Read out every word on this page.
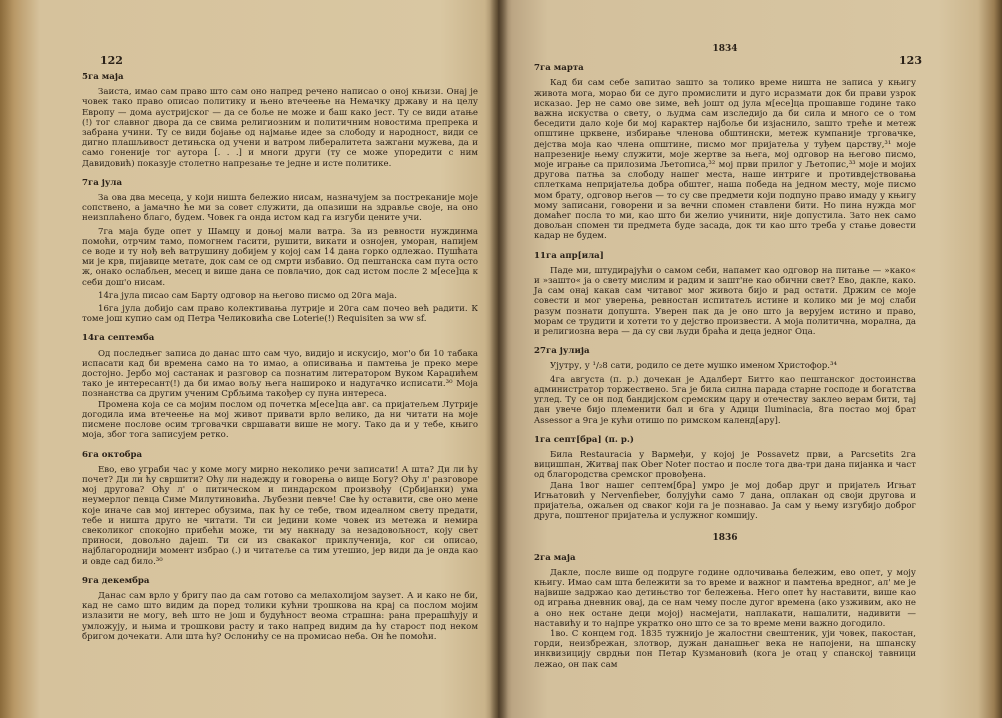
122
5га маја

Заиста, имао сам право што сам оно напред речено написао о оној књизи. Онај је човек тако право описао политику и њено втечеење на Немачку државу и на целу Европу — дома аустријског — да се боље не може и баш како јест. Ту се види атање (!) тог славног двора да се свима религиозним и политичним новостима препрека и забрана учини. Ту се види бојање од најмање идее за слободу и народност, види се дигно плашљивост детињска од учени и ватром либералитета зажгани мужева, да и само гоненије тог аутора [. . .] и многи други (ту се може упоредити с ним Давидовић) показује столетно напрезање те једне и исте политике.

7га јула

За ова два месеца, у који ништа бележио нисам, назначујем за постреканије моје сопствено, а јамачно ће ми за совет служити, да опазиши на здравље своје, на оно неизплаћено благо, будем. Човек га онда истом кад га изгуби цените учи.

7га маја буде опет у Шамцу и доњој мали ватра. За из ревности нуждинма помоћи, отрчим тамо, помогнем гасити, рушити, викати и озноjен, уморан, напијем се воде и ту нођ већ ватрушину добијем у којој сам 14 дана горко одлежао. Пушћата ми је крв, пијавице метате, док сам се од смрти избавио. Од пештанска сам пута осто ж, онако ослабљен, месец и више дана се повлачио, док сад истом после 2 м[есе]ца к себи дош'о нисам.

14га јула писао сам Барту одговор на његово писмо од 20га маја.

16га јула добијо сам право колективања лутријe и 20га сам почео већ радити. К томе још купио сам од Петра Челиковића све Loterie(!) Requisiten за ww sf.

14га септемба

Од последњег записа до данас што сам чуо, видијо и искусијо, мог'о би 10 табака испасати кад би времена само на то имао, а описивања и памтења је преко мере достојно. Јербо мој састанак и разговор са познатим литератором Вуком Караџићем тако је интересант(!) да би имао вољу њега наширoко и надугачко исписати.³⁰ Моја познанства са другим ученим Србљима такођер су пуна интереса.

Промена која се са мојим послом од почетка м[есе]ца авг. са пријатељем Лутрије догодила има втечеење на мој живот привати врло велико, да ни читати на моје писмене послове осим трговачки свршавати више не могу. Тако да и у тебе, књиго моја, због тога записујем ретко.

6га октобра

Ево, ево уграби час у коме могу мирно неколико речи записати! А шта? Ди ли ћу почет? Ди ли ћу свршити? Оћу ли надежду и говорења о вище Богу? Оћу л' разговоре мој другова? Оћу л' о питическом и пиндарском произвођу (Србијанки) ума неумерлог певца Симе Милутиновића. Љубезни певче! Све ћу оставити, све оно мене које иначе сав мој интерес обузима, пак ћу се тебе, твом идеалном свету предати, тебе и ништа друго не читати. Ти си једини коме човек из метежа и немира свеколиког спокојно прибећи може, ти му накнаду за незадовољност, коју свет приноси, довољно дајеш. Ти си из свакаког приклученија, ког си описао, најблагороднији момент избрао (.) и читатеље са тим утешио, јер види да је онда као и овде сад било.³⁰

9га декембра

Данас сам врло у бригу пао да сам готово са мелахолијом заузет. А и како не би, кад не само што видим да поред толики кућни трошкова на крај са послом мојим излазити не могу, већ што не још и будућност веома страшна: рана прерашћују и умложују, и њима и трошкови расту и тако напред видим да ћу старост под неком бригом дочекати. Али шта ћу? Ослонићу се на промисао неба. Он ће помоћи.

123
1834
7га марта

Кад би сам себе запитао зашто за толико време ништа не записа у књигу живота мога, морао би се дуго промислити и дуго исразмати док би прави узрок исказао. Јер не само ове зиме, већ јошт од јула м[есе]ца прошавше године тако важна искуства о свету, о људма сам изследијо да би сила и много се о том беседити дало које би мој карактер најбоље би изјаснило, зашто треће и метеж општине црквене, избирање членова обштински, метеж кумпаније трговачке, дејства моја као члена општине, писмо мог пријатеља у туђем царству,³¹ моје напрезеније њему служити, моје жертве за њега, мој одговор на његово писмо, моје играње са прилозима Љетописа,³² мој први прилог у Љетопис,³³ моје и мојих другова патња за слободу нашег места, наше интриге и противдејствовања сплеткама непријатеља добра обштег, наша победа на једном месту, моје писмо мом брату, одговор његов — то су све предмети који подпуно право имаду у књигу мому записани, говорени и за вечни спомен ставлени бити. Но пина нужда мог домаћег посла то ми, као што би желио учинити, није допустила. Зато нек само довољан спомен ти предмета буде засада, док ти као што треба у стање довести кадар не будем.

11га апр[ила]

Паде ми, штудирајући о самом себи, напамет као одговор на питање — »како« и »зашто« ја о свету мислим и радим и зашт'не као обични свет? Ево, дакле, како. Ја сам онај какав сам читавог мог живота бијо и рад остати. Држим се моје совести и мог уверења, ревностан испитатељ истине и колико ми је мој слаби разум познати допушта. Уверен пак да је оно што ја верујем истино и право, морам се трудити и хотети то у дејство произвести. А моја политична, морална, да и религиозна вера — да су сви људи браћа и деца једног Оца.

27га јулија

Ујутру, у ¹/₂8 сати, родило се дете мушко именом Христофор.³⁴

4га августа (п. р.) дочекан је Адалберт Битто као пештанског достоинства администратор торжествено. 5га је била силна парада старне господе и богатства углед. Ту се он под бандијском сремским цару и отечеству заклео верам бити, тај дан увече бијо племенити бал и 6га у Адици Iluminacia, 8га постао мој брат Assessor а 9га је кући отишо по римском календ[ару].

1га септ[бра] (п. р.)

Била Restauracia у Вармеђи, у којој је Possavetz први, а Parcsetits 2га вицишпан, Житвај пак Ober Noter постао и после тога два-три дана пијанка и част од благородства сремског провођена.

Дана 1вог нашег септем[бра] умро је мој добар друг и пријатељ Игњат Игњатовић у Nervenfieber, болујући само 7 дана, оплакан од своји другова и пријатеља, ожаљен од сваког који га је познавао. Ја сам у њему изгубијо доброг друга, поштеног пријатеља и услужног комшију.

1836
2га маја

Дакле, после више од подруге године одлочивања бележим, ево опет, у моју књигу. Имао сам шта бележити за то време и важног и памтења вредног, ал' ме је највише задржао као детињство тог бележења. Него опет ћу наставити, више као од играња дневник овај, да се нам чему после дугог времена (ако узживим, ако не а оно нек остане деци мојој) насмејати, наплакати, нашалити, надивити — наставићу и то најпре укратко оно што се за то време мени важно догодило.

1во. С концем год. 1835 тужнијо је жалостни свештеник, уји човек, пакостан, горди, неизбрежан, злотвор, дужан данашњег века не напоjени, на шпанску инквизицију сврдњи пон Петар Кузмановић (кога је отац у спанској тавници лежао, он пак сам
